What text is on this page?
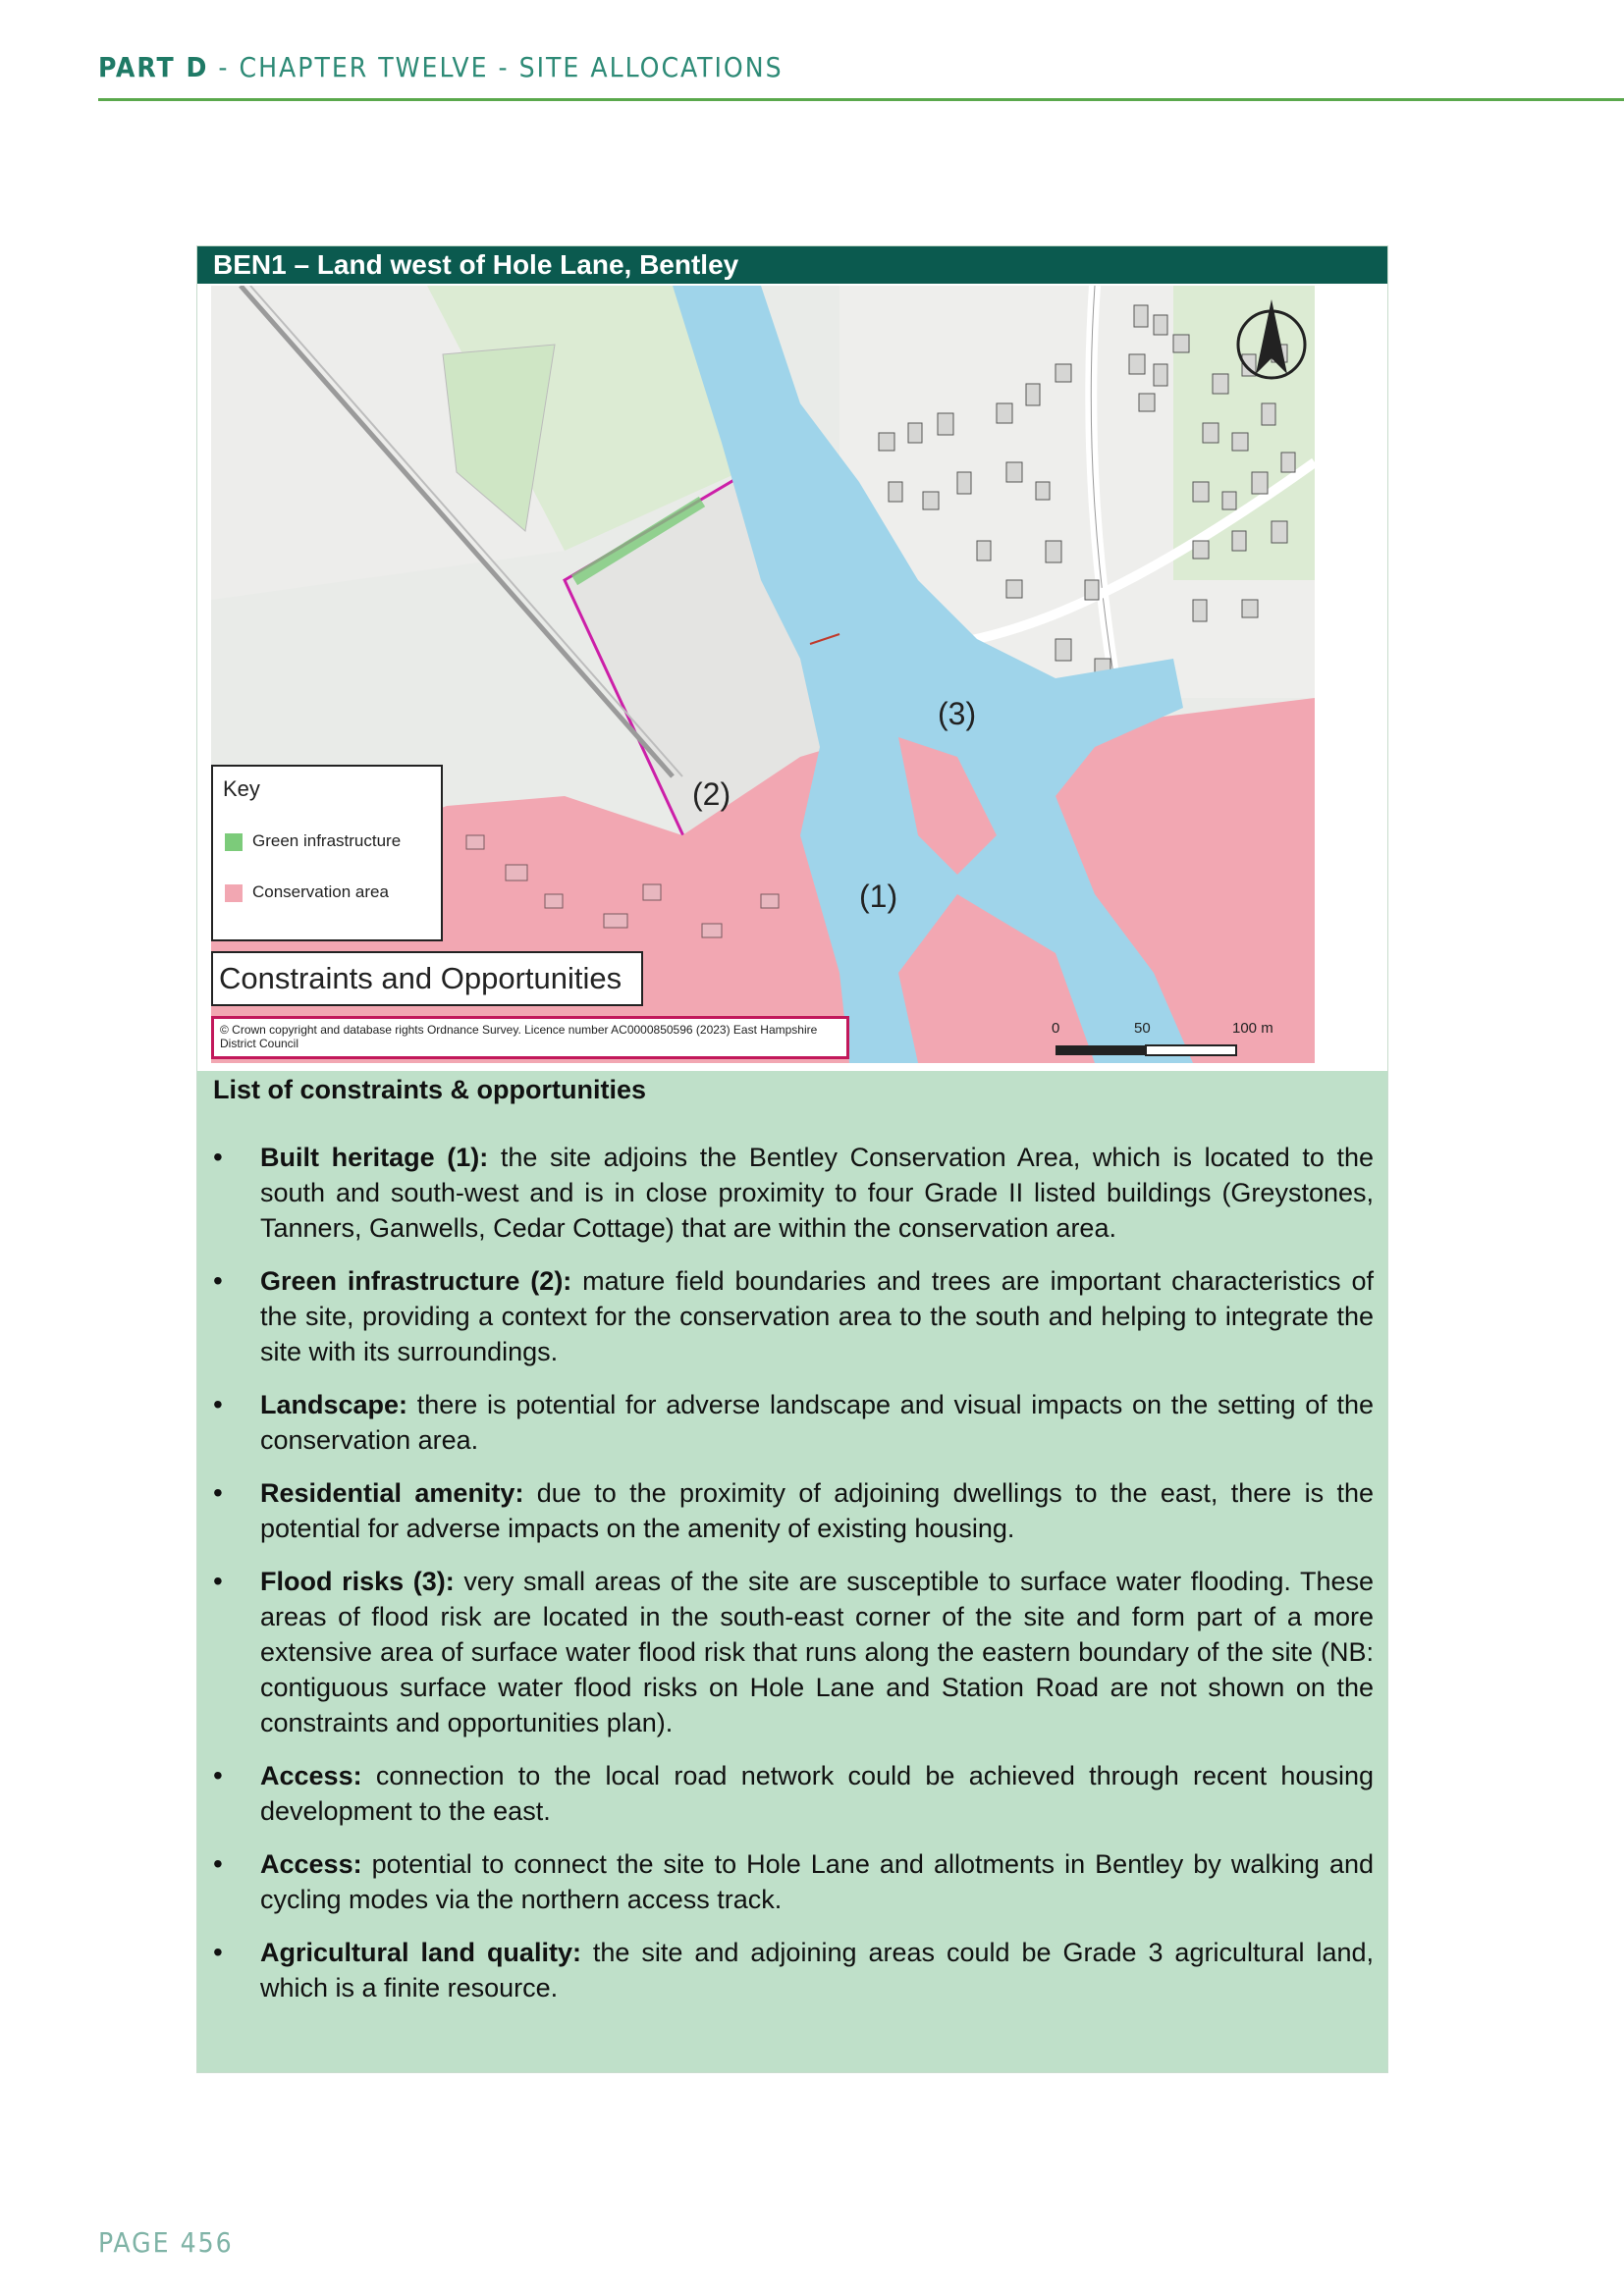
PART D - CHAPTER TWELVE - SITE ALLOCATIONS
BEN1 – Land west of Hole Lane, Bentley
(3)
(2)
(1)
0	50	100 m
Key
Green infrastructure
Conservation area
Constraints and Opportunities
© Crown copyright and database rights Ordnance Survey. Licence number AC0000850596 (2023) East Hampshire District Council
List of constraints & opportunities
• Built heritage (1): the site adjoins the Bentley Conservation Area, which is located to the south and south-west and is in close proximity to four Grade II listed buildings (Greystones, Tanners, Ganwells, Cedar Cottage) that are within the conservation area.
• Green infrastructure (2): mature field boundaries and trees are important characteristics of the site, providing a context for the conservation area to the south and helping to integrate the site with its surroundings.
• Landscape: there is potential for adverse landscape and visual impacts on the setting of the conservation area.
• Residential amenity: due to the proximity of adjoining dwellings to the east, there is the potential for adverse impacts on the amenity of existing housing.
• Flood risks (3): very small areas of the site are susceptible to surface water flooding. These areas of flood risk are located in the south-east corner of the site and form part of a more extensive area of surface water flood risk that runs along the eastern boundary of the site (NB: contiguous surface water flood risks on Hole Lane and Station Road are not shown on the constraints and opportunities plan).
• Access: connection to the local road network could be achieved through recent housing development to the east.
• Access: potential to connect the site to Hole Lane and allotments in Bentley by walking and cycling modes via the northern access track.
• Agricultural land quality: the site and adjoining areas could be Grade 3 agricultural land, which is a finite resource.
PAGE 456
